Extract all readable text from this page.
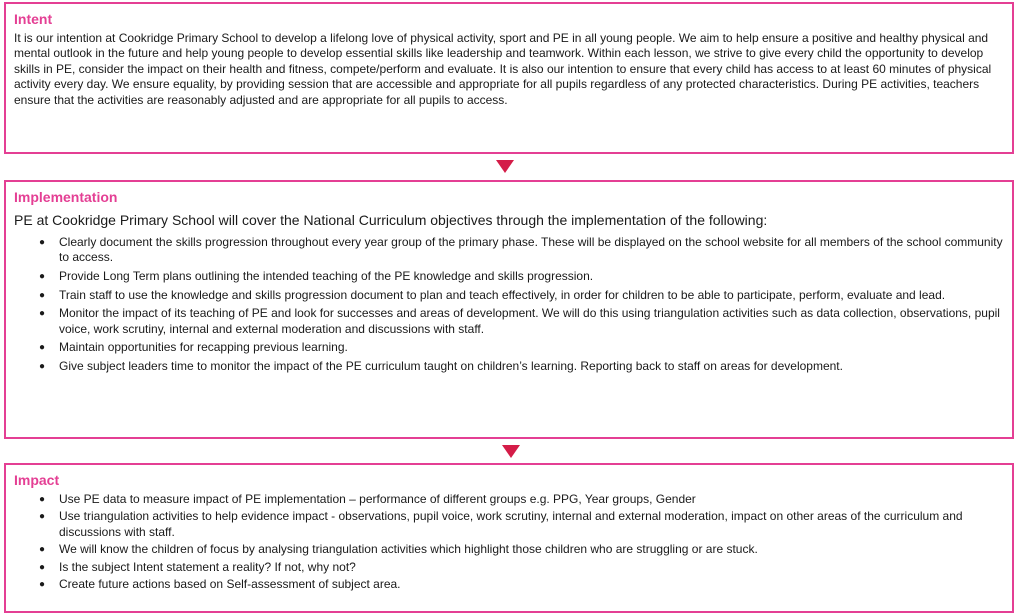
Intent
It is our intention at Cookridge Primary School to develop a lifelong love of physical activity, sport and PE in all young people. We aim to help ensure a positive and healthy physical and mental outlook in the future and help young people to develop essential skills like leadership and teamwork. Within each lesson, we strive to give every child the opportunity to develop skills in PE, consider the impact on their health and fitness, compete/perform and evaluate. It is also our intention to ensure that every child has access to at least 60 minutes of physical activity every day. We ensure equality, by providing session that are accessible and appropriate for all pupils regardless of any protected characteristics. During PE activities, teachers ensure that the activities are reasonably adjusted and are appropriate for all pupils to access.
Implementation
PE at Cookridge Primary School will cover the National Curriculum objectives through the implementation of the following:
● Clearly document the skills progression throughout every year group of the primary phase. These will be displayed on the school website for all members of the school community to access.
● Provide Long Term plans outlining the intended teaching of the PE knowledge and skills progression.
● Train staff to use the knowledge and skills progression document to plan and teach effectively, in order for children to be able to participate, perform, evaluate and lead.
● Monitor the impact of its teaching of PE and look for successes and areas of development. We will do this using triangulation activities such as data collection, observations, pupil voice, work scrutiny, internal and external moderation and discussions with staff.
● Maintain opportunities for recapping previous learning.
● Give subject leaders time to monitor the impact of the PE curriculum taught on children’s learning. Reporting back to staff on areas for development.
Impact
● Use PE data to measure impact of PE implementation – performance of different groups e.g. PPG, Year groups, Gender
● Use triangulation activities to help evidence impact - observations, pupil voice, work scrutiny, internal and external moderation, impact on other areas of the curriculum and discussions with staff.
● We will know the children of focus by analysing triangulation activities which highlight those children who are struggling or are stuck.
● Is the subject Intent statement a reality? If not, why not?
● Create future actions based on Self-assessment of subject area.
